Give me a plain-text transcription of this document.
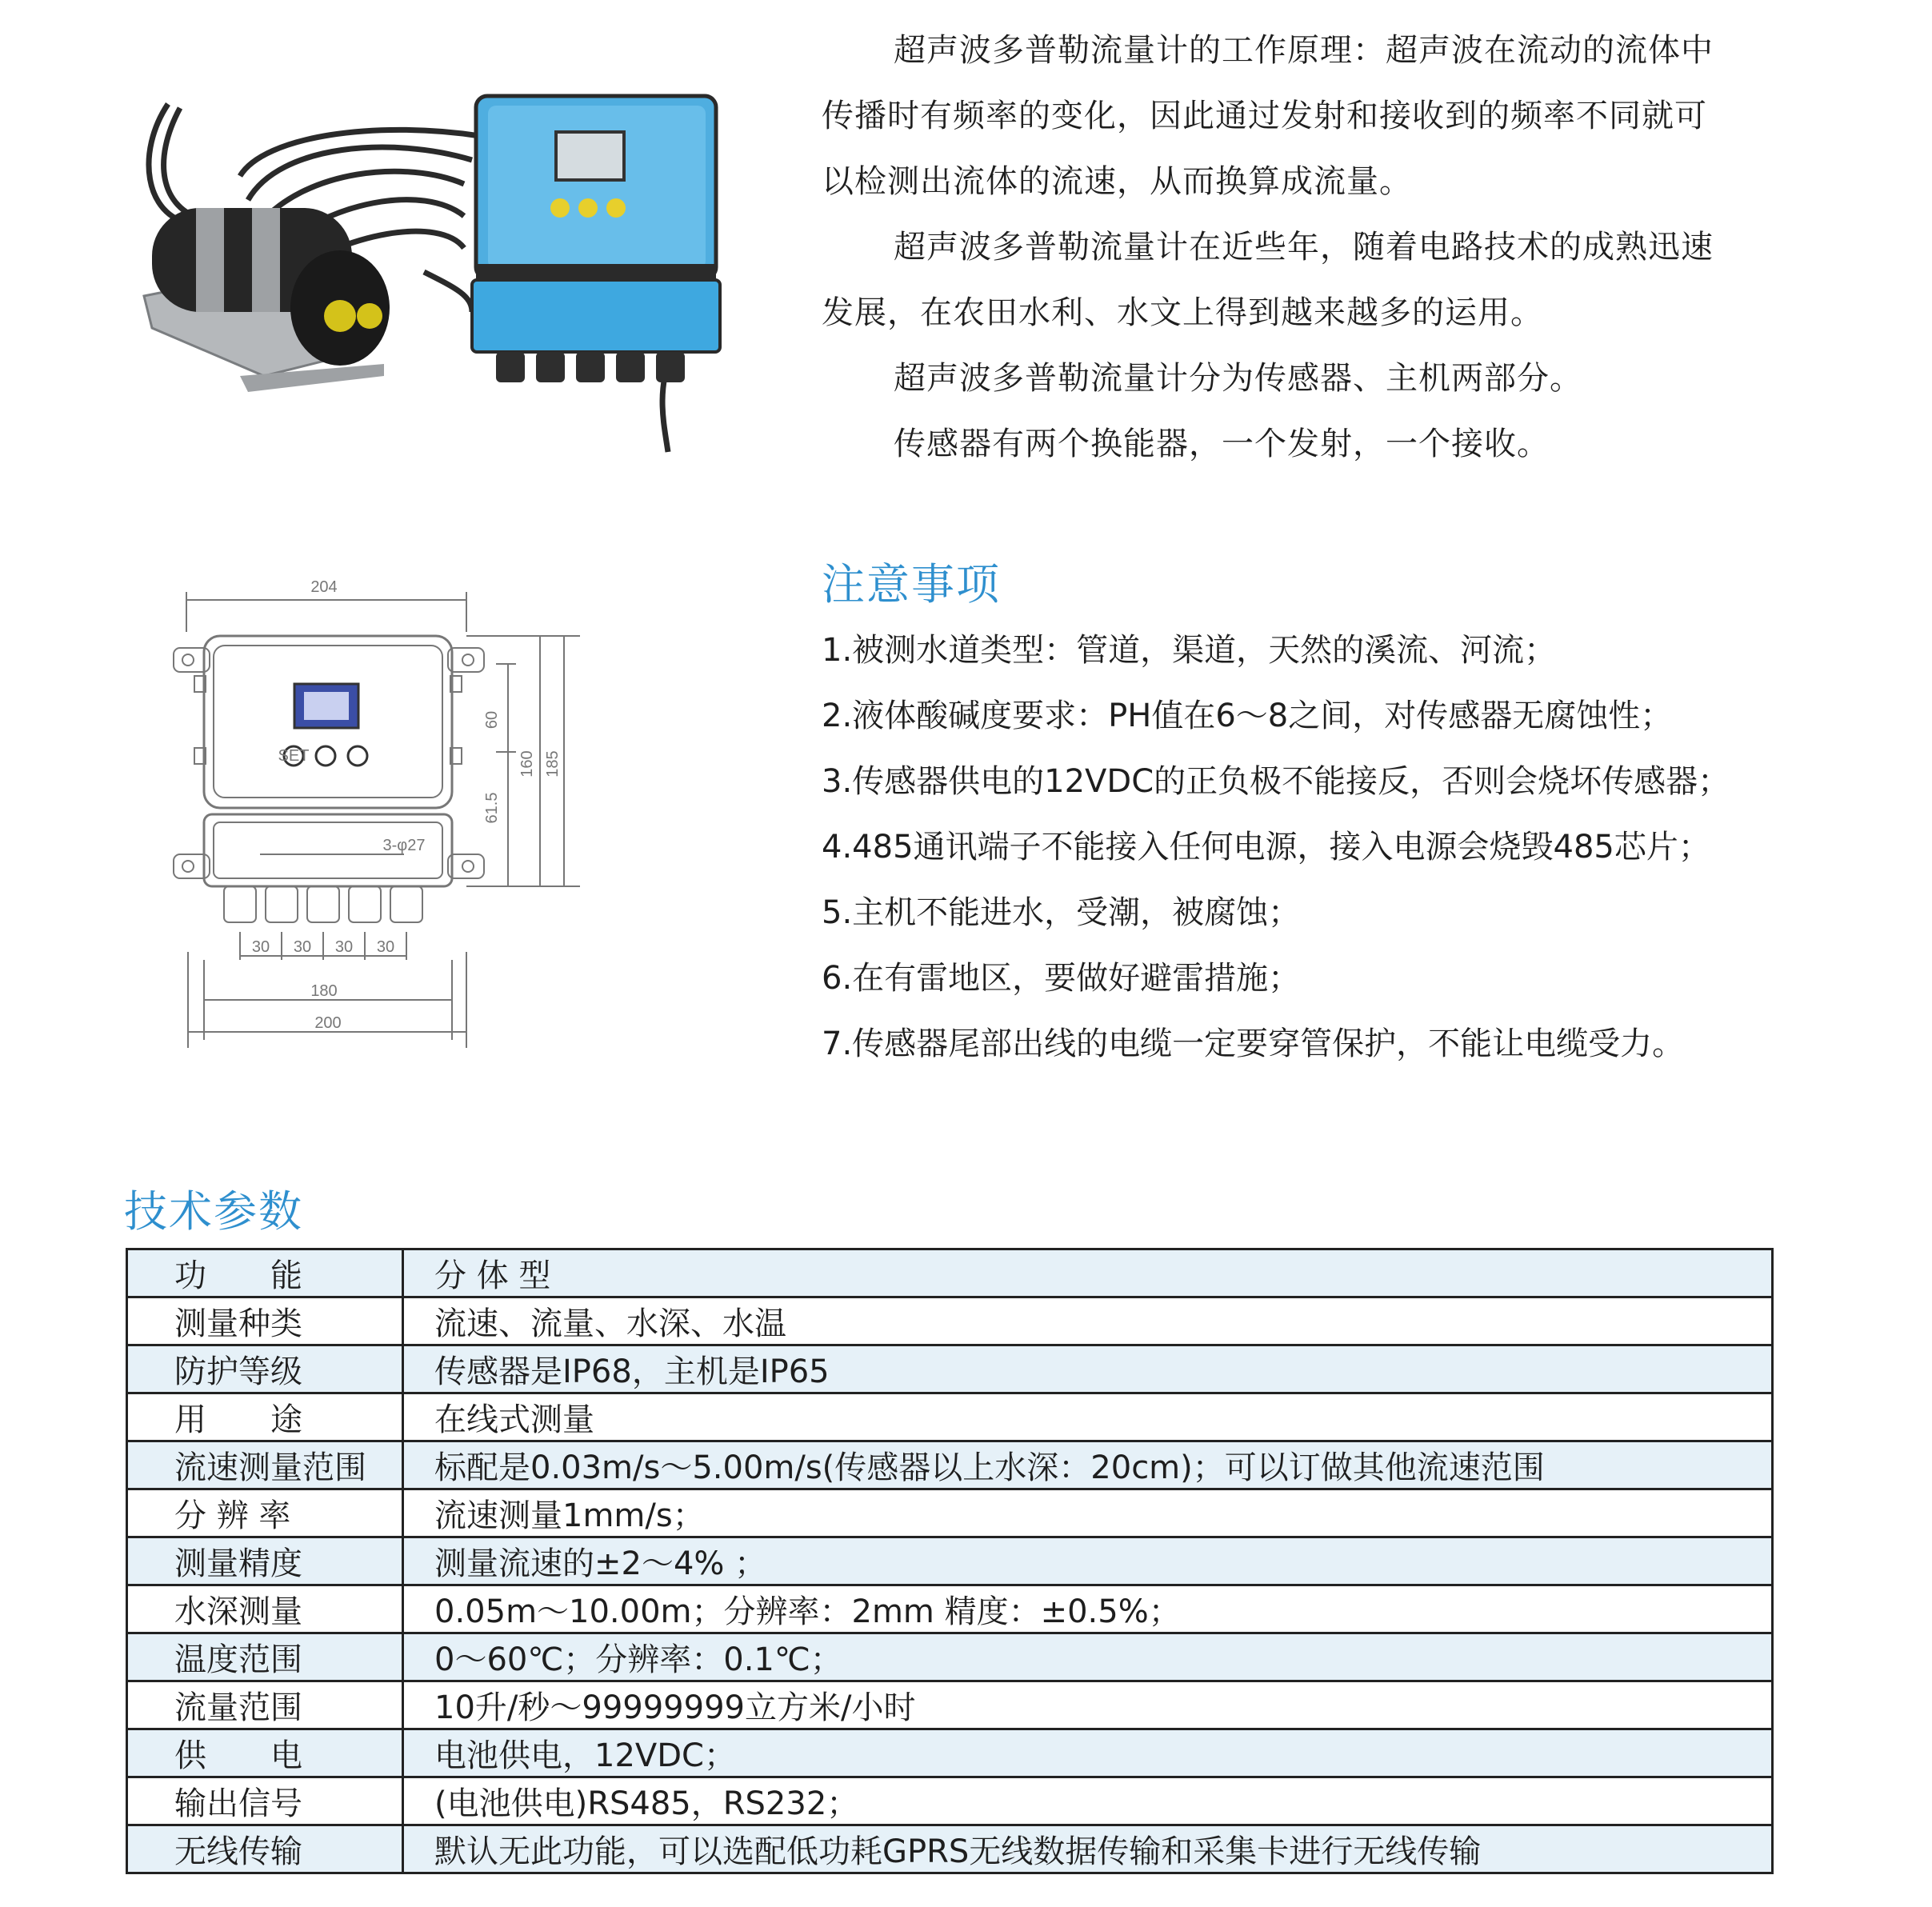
SET
204
60
61.5
160 185
3-φ27
30 30 30 30
180
200
超声波多普勒流量计的工作原理：超声波在流动的流体中
传播时有频率的变化，因此通过发射和接收到的频率不同就可
以检测出流体的流速，从而换算成流量。
超声波多普勒流量计在近些年，随着电路技术的成熟迅速
发展，在农田水利、水文上得到越来越多的运用。
超声波多普勒流量计分为传感器、主机两部分。
传感器有两个换能器，一个发射，一个接收。
注意事项
1.被测水道类型：管道，渠道，天然的溪流、河流；
2.液体酸碱度要求：PH值在6～8之间，对传感器无腐蚀性；
3.传感器供电的12VDC的正负极不能接反，否则会烧坏传感器；
4.485通讯端子不能接入任何电源，接入电源会烧毁485芯片；
5.主机不能进水，受潮，被腐蚀；
6.在有雷地区，要做好避雷措施；
7.传感器尾部出线的电缆一定要穿管保护，不能让电缆受力。
技术参数
功　　能	分 体 型
测量种类	流速、流量、水深、水温
防护等级	传感器是IP68，主机是IP65
用　　途	在线式测量
流速测量范围	标配是0.03m/s～5.00m/s(传感器以上水深：20cm)；可以订做其他流速范围
分 辨 率	流速测量1mm/s；
测量精度	测量流速的±2～4% ；
水深测量	0.05m～10.00m；分辨率：2mm 精度：±0.5%；
温度范围	0～60℃；分辨率：0.1℃；
流量范围	10升/秒～99999999立方米/小时
供　　电	电池供电，12VDC；
输出信号	(电池供电)RS485，RS232；
无线传输	默认无此功能，可以选配低功耗GPRS无线数据传输和采集卡进行无线传输
